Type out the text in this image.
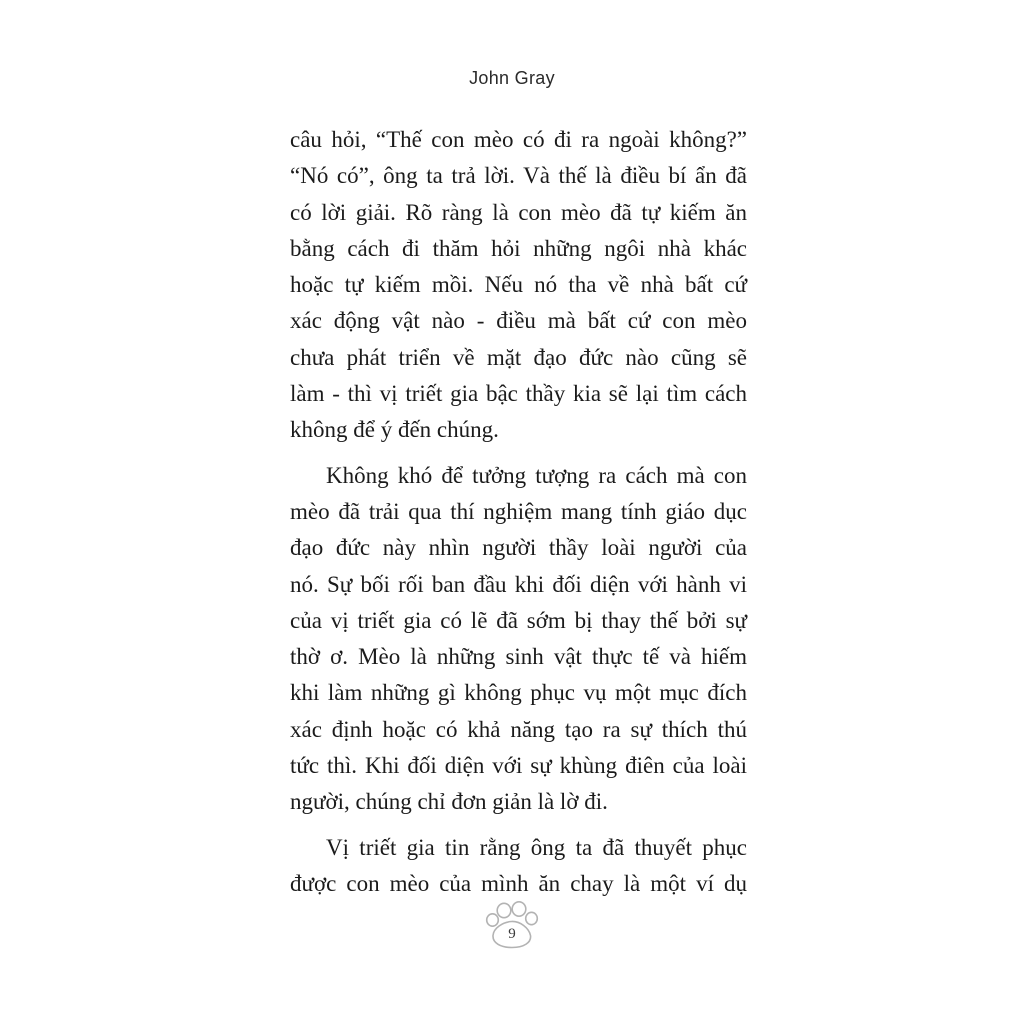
John Gray
câu hỏi, “Thế con mèo có đi ra ngoài không?”
“Nó có”, ông ta trả lời. Và thế là điều bí ẩn đã
có lời giải. Rõ ràng là con mèo đã tự kiếm ăn
bằng cách đi thăm hỏi những ngôi nhà khác
hoặc tự kiếm mồi. Nếu nó tha về nhà bất cứ
xác động vật nào - điều mà bất cứ con mèo
chưa phát triển về mặt đạo đức nào cũng sẽ
làm - thì vị triết gia bậc thầy kia sẽ lại tìm cách
không để ý đến chúng.
Không khó để tưởng tượng ra cách mà con
mèo đã trải qua thí nghiệm mang tính giáo dục
đạo đức này nhìn người thầy loài người của
nó. Sự bối rối ban đầu khi đối diện với hành vi
của vị triết gia có lẽ đã sớm bị thay thế bởi sự
thờ ơ. Mèo là những sinh vật thực tế và hiếm
khi làm những gì không phục vụ một mục đích
xác định hoặc có khả năng tạo ra sự thích thú
tức thì. Khi đối diện với sự khùng điên của loài
người, chúng chỉ đơn giản là lờ đi.
Vị triết gia tin rằng ông ta đã thuyết phục
được con mèo của mình ăn chay là một ví dụ
9
